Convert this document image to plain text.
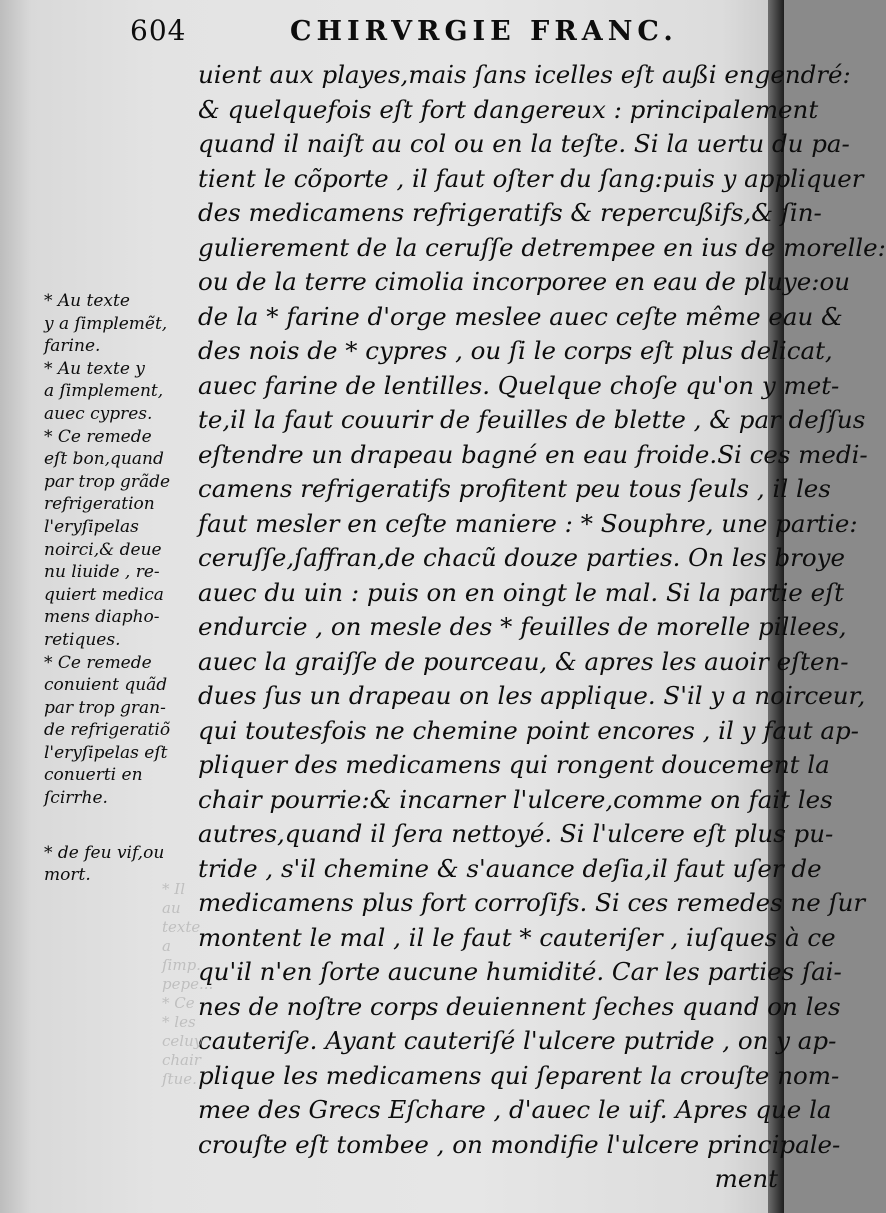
604	CHIRVRGIE FRANC.
uient aux playes,mais ſans icelles eſt außi engendré:
& quelquefois eſt fort dangereux : principalement
quand il naiſt au col ou en la teſte. Si la uertu du pa-
tient le cõporte , il faut oſter du ſang:puis y appliquer
des medicamens refrigeratifs & repercußifs,& ſin-
gulierement de la ceruſſe detrempee en ius de morelle:
ou de la terre cimolia incorporee en eau de pluye:ou
de la * farine d'orge meslee auec ceſte même eau &
des nois de * cypres , ou ſi le corps eſt plus delicat,
auec farine de lentilles. Quelque choſe qu'on y met-
te,il la faut couurir de feuilles de blette , & par deſſus
eſtendre un drapeau bagné en eau froide.Si ces medi-
camens refrigeratifs profitent peu tous ſeuls , il les
faut mesler en ceſte maniere : * Souphre, une partie:
ceruſſe,ſaffran,de chacũ douze parties. On les broye
auec du uin : puis on en oingt le mal. Si la partie eſt
endurcie , on mesle des * feuilles de morelle pillees,
auec la graiſſe de pourceau, & apres les auoir eſten-
dues ſus un drapeau on les applique. S'il y a noirceur,
qui toutesfois ne chemine point encores , il y faut ap-
pliquer des medicamens qui rongent doucement la
chair pourrie:& incarner l'ulcere,comme on fait les
autres,quand il ſera nettoyé. Si l'ulcere eſt plus pu-
tride , s'il chemine & s'auance deſia,il faut uſer de
medicamens plus fort corroſifs. Si ces remedes ne ſur
montent le mal , il le faut * cauteriſer , iuſques à ce
qu'il n'en ſorte aucune humidité. Car les parties ſai-
nes de noſtre corps deuiennent ſeches quand on les
cauteriſe. Ayant cauteriſé l'ulcere putride , on y ap-
plique les medicamens qui ſeparent la crouſte nom-
mee des Grecs Eſchare , d'auec le uif. Apres que la
crouſte eſt tombee , on mondifie l'ulcere principale-
ment
* Au texte
y a ſimplemẽt,
farine.
* Au texte y
a ſimplement,
auec cypres.
* Ce remede
eſt bon,quand
par trop grãde
refrigeration
l'eryſipelas
noirci,& deue
nu liuide , re-
quiert medica
mens diapho-
retiques.
* Ce remede
conuient quãd
par trop gran-
de refrigeratiõ
l'eryſipelas eſt
conuerti en
ſcirrhe.
* de feu vif,ou
mort.
* Il
au texte
a ſimp.
pepe...
* Ce
* les
celuy
chair
ſtue.
